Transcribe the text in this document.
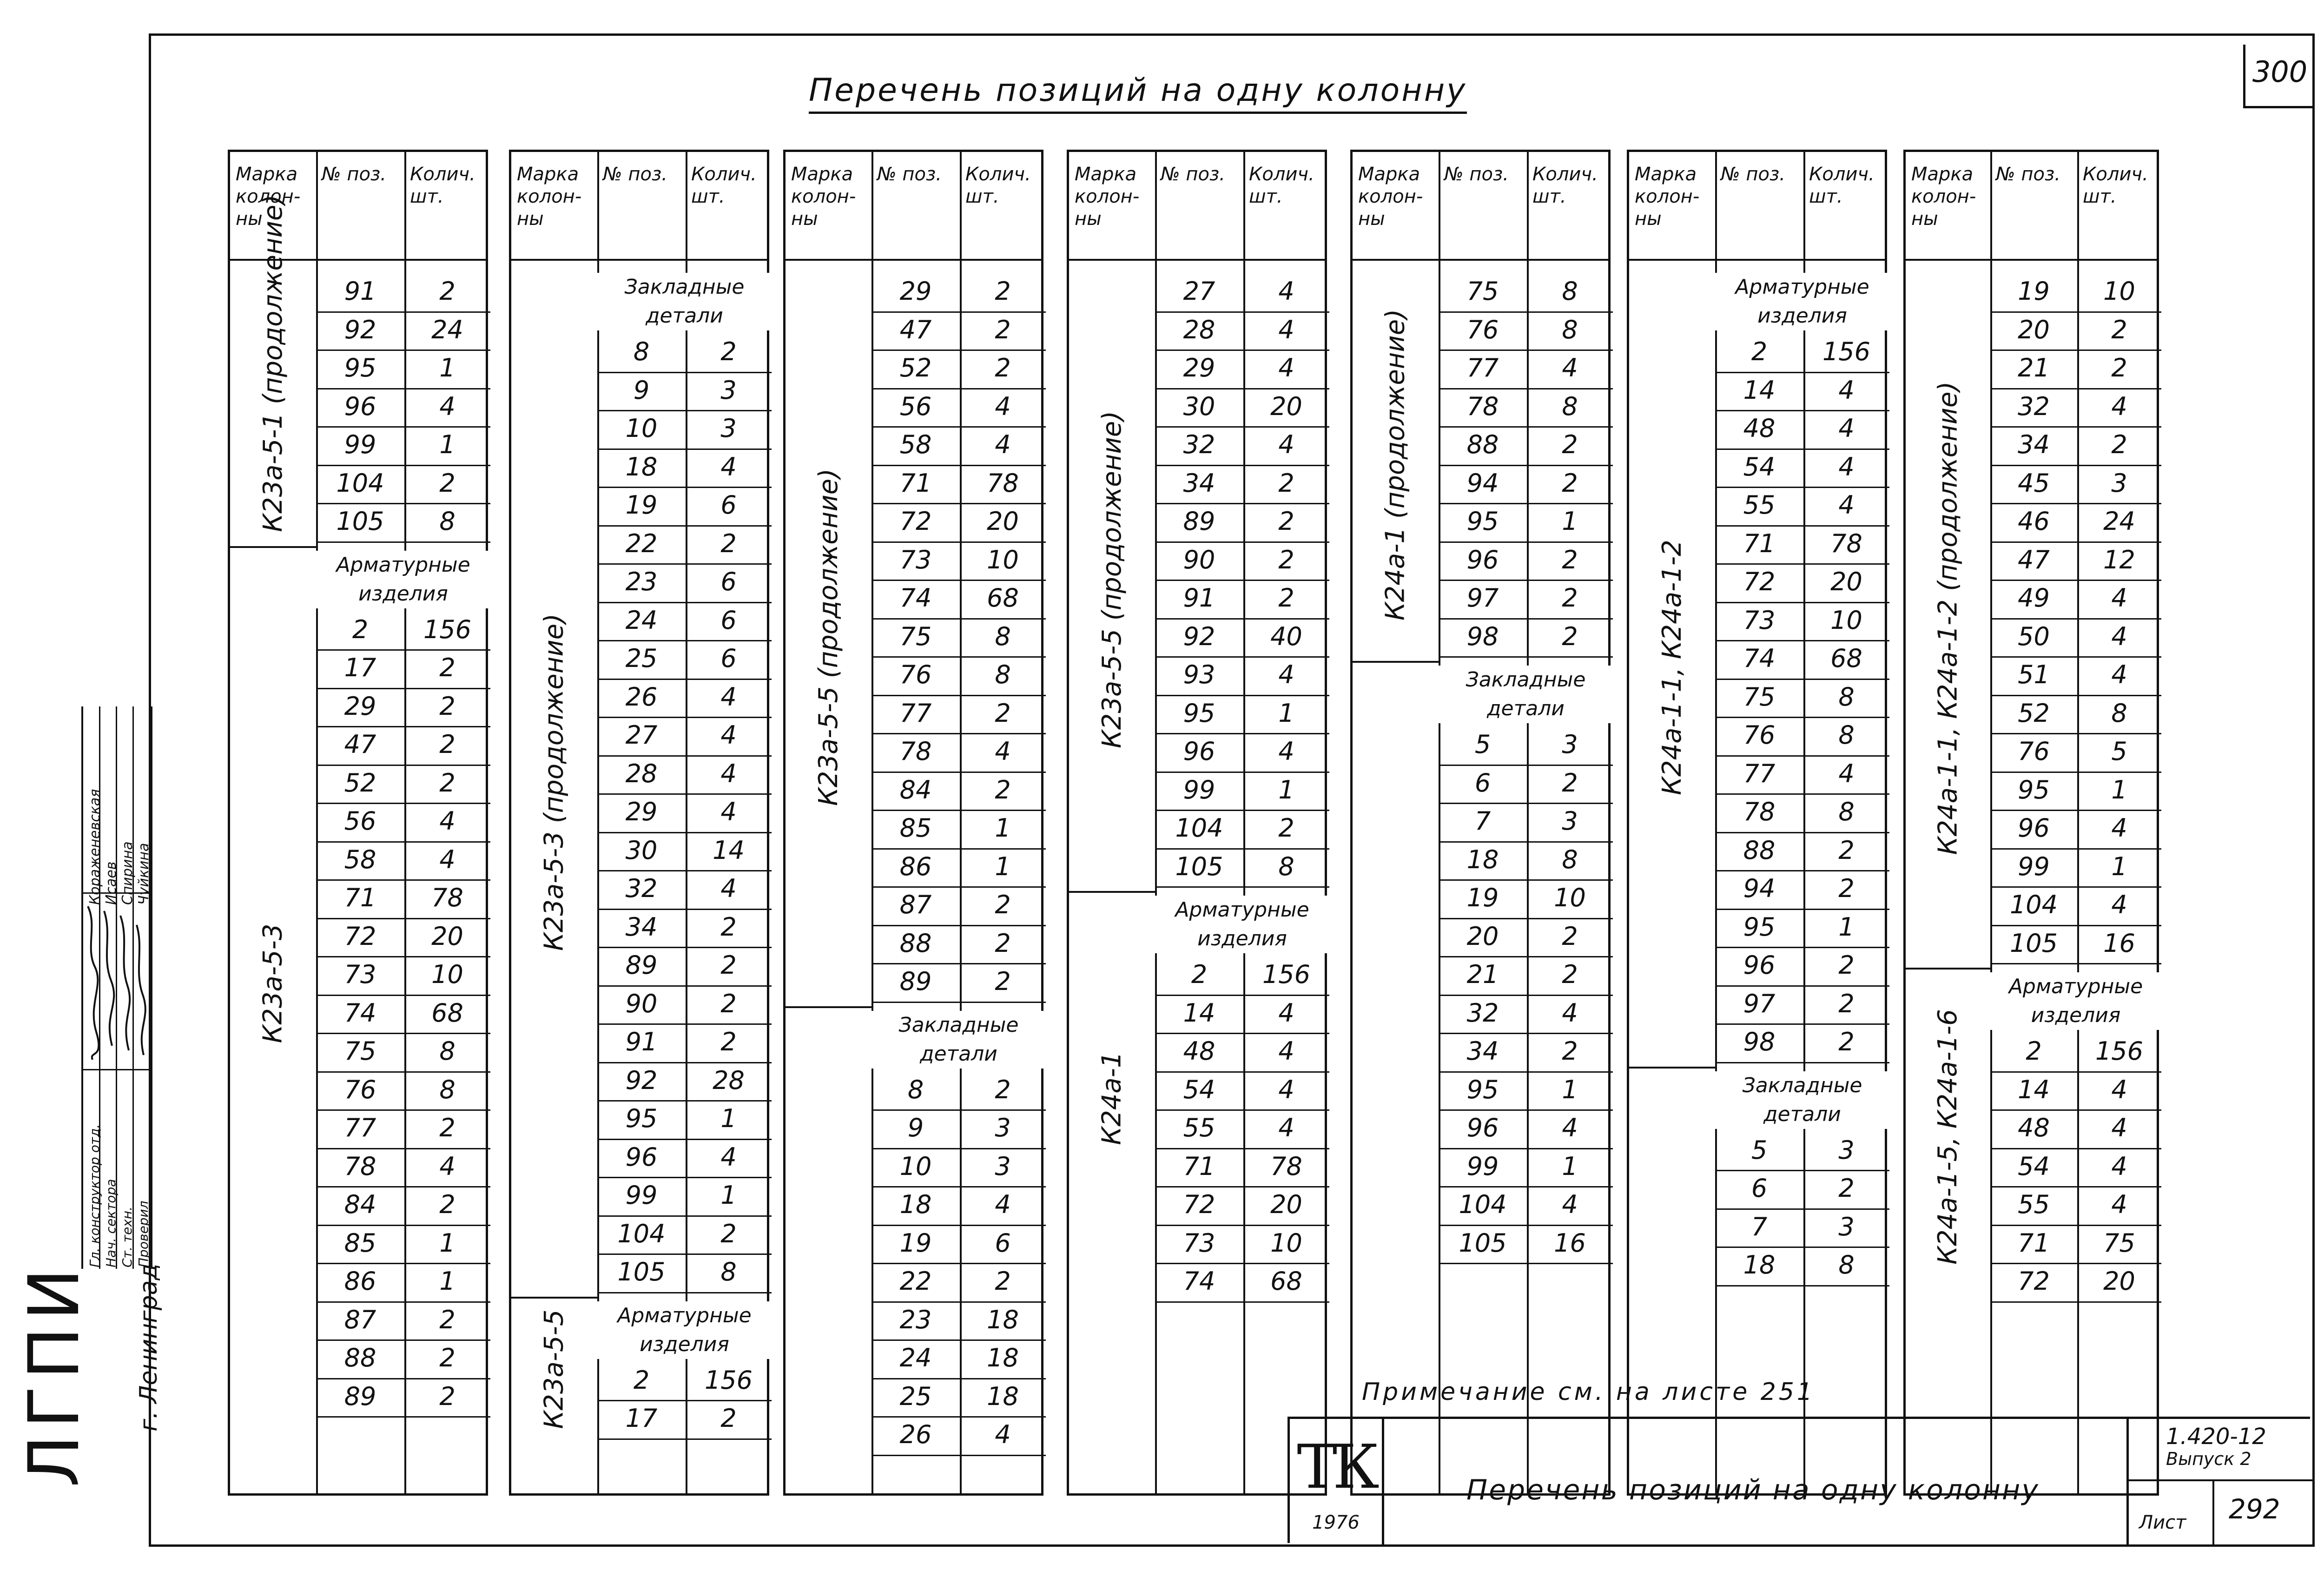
300
Перечень позиций на одну колонну
ЛГПИ г. Ленинград
Гл. конструктор отд. Нач. сектора Ст. техн. Проверил
Кораженевская Исаев Спирина Чуйкина
Марка колон- ны
№ поз.	Колич. шт.
91	2
92	24
95	1
96	4
99	1
104	2
105	8
К23а-5-1 (продолжение)
Арматурные изделия
2	156
17	2
29	2
47	2
52	2
56	4
58	4
71	78
72	20
73	10
74	68
75	8
76	8
77	2
78	4
84	2
85	1
86	1
87	2
88	2
89	2
К23а-5-3
Марка колон- ны
№ поз.	Колич. шт.
Закладные детали
8	2
9	3
10	3
18	4
19	6
22	2
23	6
24	6
25	6
26	4
27	4
28	4
29	4
30	14
32	4
34	2
89	2
90	2
91	2
92	28
95	1
96	4
99	1
104	2
105	8
К23а-5-3 (продолжение)
Арматурные изделия
2	156
17	2
К23а-5-5
Марка колон- ны
№ поз.	Колич. шт.
29	2
47	2
52	2
56	4
58	4
71	78
72	20
73	10
74	68
75	8
76	8
77	2
78	4
84	2
85	1
86	1
87	2
88	2
89	2
К23а-5-5 (продолжение)
Закладные детали
8	2
9	3
10	3
18	4
19	6
22	2
23	18
24	18
25	18
26	4
Марка колон- ны
№ поз.	Колич. шт.
27	4
28	4
29	4
30	20
32	4
34	2
89	2
90	2
91	2
92	40
93	4
95	1
96	4
99	1
104	2
105	8
К23а-5-5 (продолжение)
Арматурные изделия
2	156
14	4
48	4
54	4
55	4
71	78
72	20
73	10
74	68
К24а-1
Марка колон- ны
№ поз.	Колич. шт.
75	8
76	8
77	4
78	8
88	2
94	2
95	1
96	2
97	2
98	2
К24а-1 (продолжение)
Закладные детали
5	3
6	2
7	3
18	8
19	10
20	2
21	2
32	4
34	2
95	1
96	4
99	1
104	4
105	16
Марка колон- ны
№ поз.	Колич. шт.
Арматурные изделия
2	156
14	4
48	4
54	4
55	4
71	78
72	20
73	10
74	68
75	8
76	8
77	4
78	8
88	2
94	2
95	1
96	2
97	2
98	2
К24а-1-1, К24а-1-2
Закладные детали
5	3
6	2
7	3
18	8
Марка колон- ны
№ поз.	Колич. шт.
19	10
20	2
21	2
32	4
34	2
45	3
46	24
47	12
49	4
50	4
51	4
52	8
76	5
95	1
96	4
99	1
104	4
105	16
К24а-1-1, К24а-1-2 (продолжение)
Арматурные изделия
2	156
14	4
48	4
54	4
55	4
71	75
72	20
К24а-1-5, К24а-1-6
Примечание см. на листе 251
ТК
1976
Перечень позиций на одну колонну
1.420-12
Выпуск 2
Лист 292
